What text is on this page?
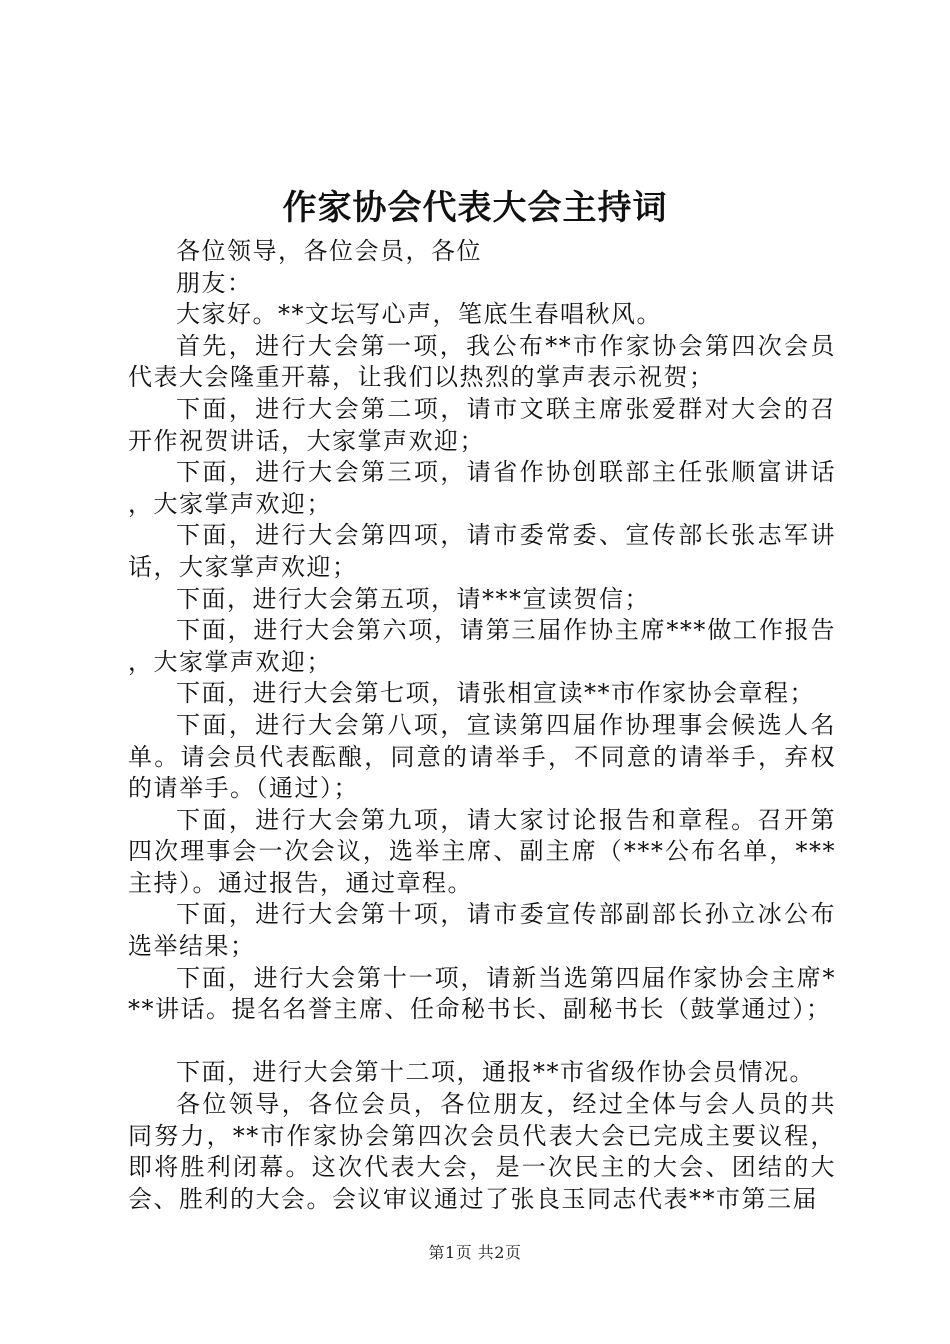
作家协会代表大会主持词

各位领导，各位会员，各位

朋友：

大家好。**文坛写心声，笔底生春唱秋风。

首先，进行大会第一项，我公布**市作家协会第四次会员代表大会隆重开幕，让我们以热烈的掌声表示祝贺；

下面，进行大会第二项，请市文联主席张爱群对大会的召开作祝贺讲话，大家掌声欢迎；

下面，进行大会第三项，请省作协创联部主任张顺富讲话，大家掌声欢迎；

下面，进行大会第四项，请市委常委、宣传部长张志军讲话，大家掌声欢迎；

下面，进行大会第五项，请***宣读贺信；

下面，进行大会第六项，请第三届作协主席***做工作报告，大家掌声欢迎；

下面，进行大会第七项，请张相宣读**市作家协会章程；

下面，进行大会第八项，宣读第四届作协理事会候选人名单。请会员代表酝酿，同意的请举手，不同意的请举手，弃权的请举手。（通过）；

下面，进行大会第九项，请大家讨论报告和章程。召开第四次理事会一次会议，选举主席、副主席（***公布名单，***主持）。通过报告，通过章程。

下面，进行大会第十项，请市委宣传部副部长孙立冰公布选举结果；

下面，进行大会第十一项，请新当选第四届作家协会主席***讲话。提名名誉主席、任命秘书长、副秘书长（鼓掌通过）；

下面，进行大会第十二项，通报**市省级作协会员情况。

各位领导，各位会员，各位朋友，经过全体与会人员的共同努力，**市作家协会第四次会员代表大会已完成主要议程，即将胜利闭幕。这次代表大会，是一次民主的大会、团结的大会、胜利的大会。会议审议通过了张良玉同志代表**市第三届

第1页 共2页
